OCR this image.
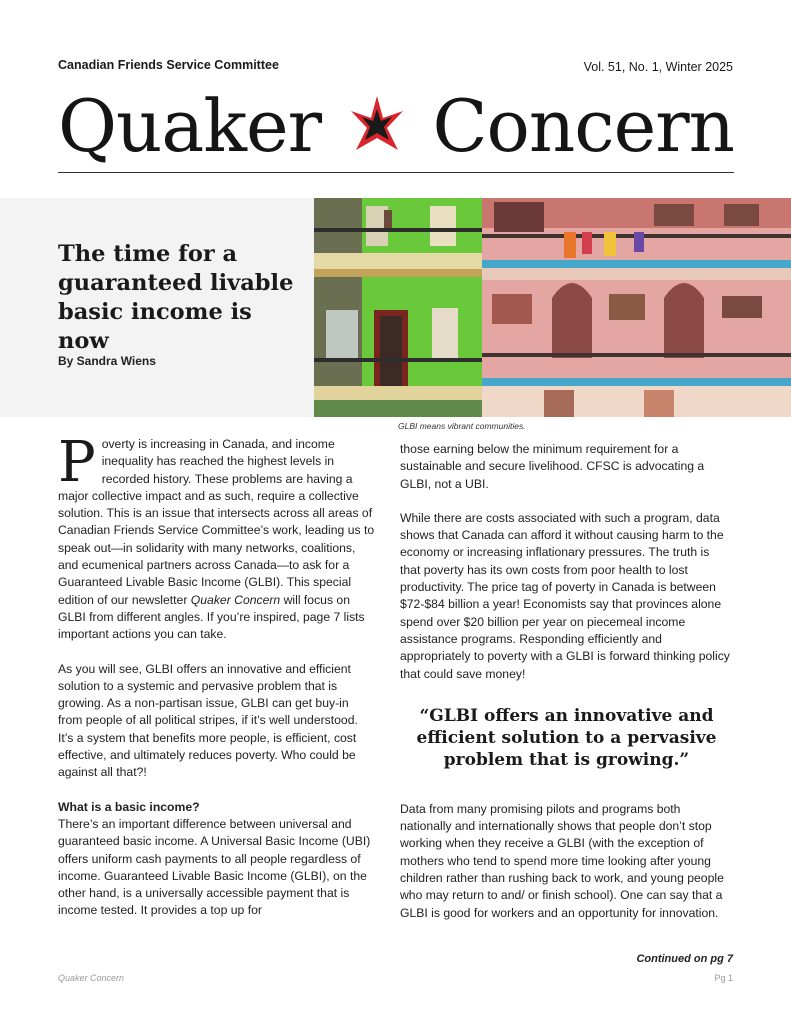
Canadian Friends Service Committee	Vol. 51, No. 1, Winter 2025
Quaker Concern
The time for a guaranteed livable basic income is now
By Sandra Wiens
GLBI means vibrant communities.

Poverty is increasing in Canada, and income inequality has reached the highest levels in recorded history. These problems are having a major collective impact and as such, require a collective solution. This is an issue that intersects across all areas of Canadian Friends Service Committee’s work, leading us to speak out—in solidarity with many networks, coalitions, and ecumenical partners across Canada—to ask for a Guaranteed Livable Basic Income (GLBI). This special edition of our newsletter Quaker Concern will focus on GLBI from different angles. If you’re inspired, page 7 lists important actions you can take.

As you will see, GLBI offers an innovative and efficient solution to a systemic and pervasive problem that is growing. As a non-partisan issue, GLBI can get buy-in from people of all political stripes, if it’s well understood. It’s a system that benefits more people, is efficient, cost effective, and ultimately reduces poverty. Who could be against all that?!

What is a basic income?

There’s an important difference between universal and guaranteed basic income. A Universal Basic Income (UBI) offers uniform cash payments to all people regardless of income. Guaranteed Livable Basic Income (GLBI), on the other hand, is a universally accessible payment that is income tested. It provides a top up for

those earning below the minimum requirement for a sustainable and secure livelihood. CFSC is advocating a GLBI, not a UBI.

While there are costs associated with such a program, data shows that Canada can afford it without causing harm to the economy or increasing inflationary pressures. The truth is that poverty has its own costs from poor health to lost productivity. The price tag of poverty in Canada is between $72-$84 billion a year! Economists say that provinces alone spend over $20 billion per year on piecemeal income assistance programs. Responding efficiently and appropriately to poverty with a GLBI is forward thinking policy that could save money!

“GLBI offers an innovative and efficient solution to a pervasive problem that is growing.”

Data from many promising pilots and programs both nationally and internationally shows that people don’t stop working when they receive a GLBI (with the exception of mothers who tend to spend more time looking after young children rather than rushing back to work, and young people who may return to and/ or finish school). One can say that a GLBI is good for workers and an opportunity for innovation.

Continued on pg 7
Quaker Concern	Pg 1
